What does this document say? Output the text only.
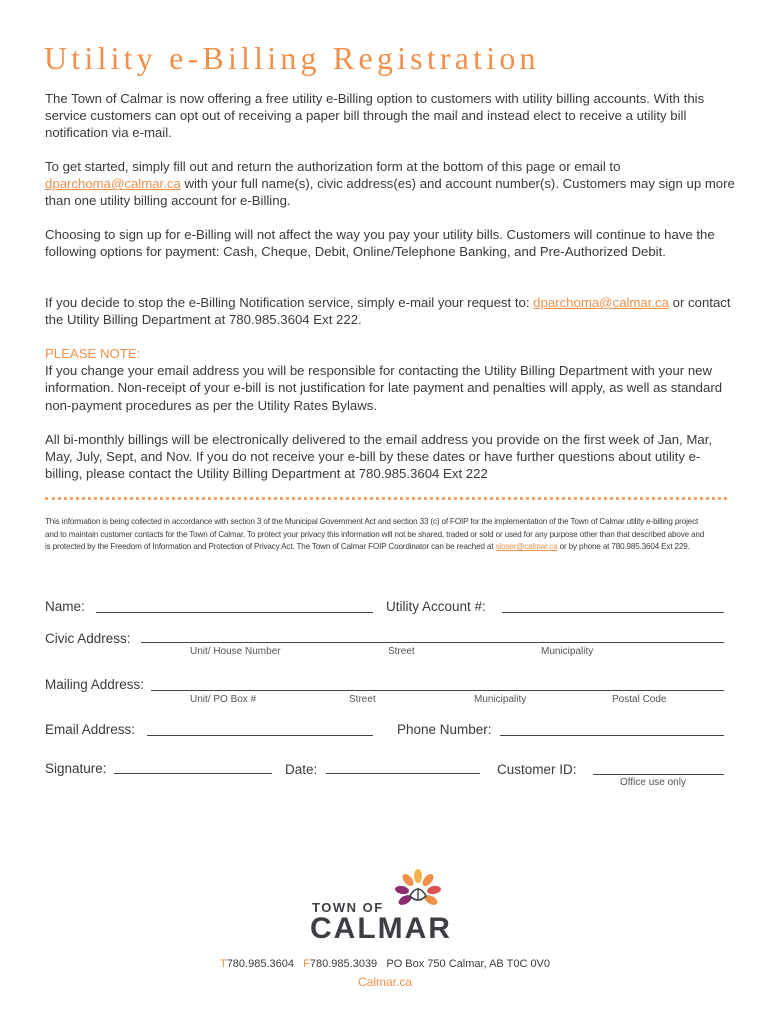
Utility e-Billing Registration

The Town of Calmar is now offering a free utility e-Billing option to customers with utility billing accounts. With this service customers can opt out of receiving a paper bill through the mail and instead elect to receive a utility bill notification via e-mail.

To get started, simply fill out and return the authorization form at the bottom of this page or email to dparchoma@calmar.ca with your full name(s), civic address(es) and account number(s). Customers may sign up more than one utility billing account for e-Billing.

Choosing to sign up for e-Billing will not affect the way you pay your utility bills. Customers will continue to have the following options for payment: Cash, Cheque, Debit, Online/Telephone Banking, and Pre-Authorized Debit.

If you decide to stop the e-Billing Notification service, simply e-mail your request to: dparchoma@calmar.ca or contact the Utility Billing Department at 780.985.3604 Ext 222.

PLEASE NOTE:
If you change your email address you will be responsible for contacting the Utility Billing Department with your new information. Non-receipt of your e-bill is not justification for late payment and penalties will apply, as well as standard non-payment procedures as per the Utility Rates Bylaws.

All bi-monthly billings will be electronically delivered to the email address you provide on the first week of Jan, Mar, May, July, Sept, and Nov. If you do not receive your e-bill by these dates or have further questions about utility e-billing, please contact the Utility Billing Department at 780.985.3604 Ext 222

This information is being collected in accordance with section 3 of the Municipal Government Act and section 33 (c) of FOIP for the implementation of the Town of Calmar utility e-billing project and to maintain customer contacts for the Town of Calmar. To protect your privacy this information will not be shared, traded or sold or used for any purpose other than that described above and is protected by the Freedom of Information and Protection of Privacy Act. The Town of Calmar FOIP Coordinator can be reached at sloser@calmar.ca or by phone at 780.985.3604 Ext 229.

Name:	Utility Account #:
Civic Address:
Unit/ House Number	Street	Municipality
Mailing Address:
Unit/ PO Box #	Street	Municipality	Postal Code
Email Address:	Phone Number:
Signature:	Date:	Customer ID:
Office use only
TOWN OF
CALMAR
T780.985.3604 F780.985.3039 PO Box 750 Calmar, AB T0C 0V0
Calmar.ca
